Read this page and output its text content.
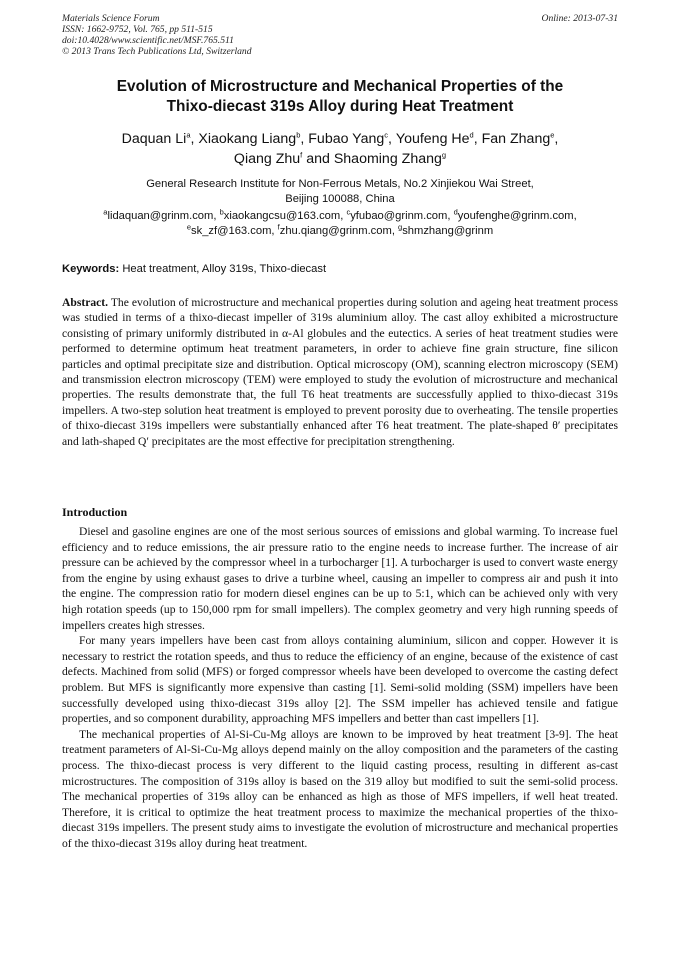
Materials Science Forum
ISSN: 1662-9752, Vol. 765, pp 511-515
doi:10.4028/www.scientific.net/MSF.765.511
© 2013 Trans Tech Publications Ltd, Switzerland
Online: 2013-07-31
Evolution of Microstructure and Mechanical Properties of the
Thixo-diecast 319s Alloy during Heat Treatment
Daquan Li$^a$, Xiaokang Liang$^b$, Fubao Yang$^c$, Youfeng He$^d$, Fan Zhang$^e$,
Qiang Zhu$^f$ and Shaoming Zhang$^g$
General Research Institute for Non-Ferrous Metals, No.2 Xinjiekou Wai Street,
Beijing 100088, China
$^a$lidaquan@grinm.com, $^b$xiaokangcsu@163.com, $^c$yfubao@grinm.com, $^d$youfenghe@grinm.com,
$^e$sk_zf@163.com, $^f$zhu.qiang@grinm.com, $^g$shmzhang@grinm
Keywords: Heat treatment, Alloy 319s, Thixo-diecast
Abstract. The evolution of microstructure and mechanical properties during solution and ageing heat treatment process was studied in terms of a thixo-diecast impeller of 319s aluminium alloy. The cast alloy exhibited a microstructure consisting of primary uniformly distributed in α-Al globules and the eutectics. A series of heat treatment studies were performed to determine optimum heat treatment parameters, in order to achieve fine grain structure, fine silicon particles and optimal precipitate size and distribution. Optical microscopy (OM), scanning electron microscopy (SEM) and transmission electron microscopy (TEM) were employed to study the evolution of microstructure and mechanical properties. The results demonstrate that, the full T6 heat treatments are successfully applied to thixo-diecast 319s impellers. A two-step solution heat treatment is employed to prevent porosity due to overheating. The tensile properties of thixo-diecast 319s impellers were substantially enhanced after T6 heat treatment. The plate-shaped θ′ precipitates and lath-shaped Q′ precipitates are the most effective for precipitation strengthening.
Introduction

Diesel and gasoline engines are one of the most serious sources of emissions and global warming. To increase fuel efficiency and to reduce emissions, the air pressure ratio to the engine needs to increase further. The increase of air pressure can be achieved by the compressor wheel in a turbocharger [1]. A turbocharger is used to convert waste energy from the engine by using exhaust gases to drive a turbine wheel, causing an impeller to compress air and push it into the engine. The compression ratio for modern diesel engines can be up to 5:1, which can be achieved only with very high rotation speeds (up to 150,000 rpm for small impellers). The complex geometry and very high running speeds of impellers creates high stresses.

For many years impellers have been cast from alloys containing aluminium, silicon and copper. However it is necessary to restrict the rotation speeds, and thus to reduce the efficiency of an engine, because of the existence of cast defects. Machined from solid (MFS) or forged compressor wheels have been developed to overcome the casting defect problem. But MFS is significantly more expensive than casting [1]. Semi-solid molding (SSM) impellers have been successfully developed using thixo-diecast 319s alloy [2]. The SSM impeller has achieved tensile and fatigue properties, and so component durability, approaching MFS impellers and better than cast impellers [1].

The mechanical properties of Al-Si-Cu-Mg alloys are known to be improved by heat treatment [3-9]. The heat treatment parameters of Al-Si-Cu-Mg alloys depend mainly on the alloy composition and the parameters of the casting process. The thixo-diecast process is very different to the liquid casting process, resulting in different as-cast microstructures. The composition of 319s alloy is based on the 319 alloy but modified to suit the semi-solid process. The mechanical properties of 319s alloy can be enhanced as high as those of MFS impellers, if well heat treated. Therefore, it is critical to optimize the heat treatment process to maximize the mechanical properties of the thixo-diecast 319s impellers. The present study aims to investigate the evolution of microstructure and mechanical properties of the thixo-diecast 319s alloy during heat treatment.
